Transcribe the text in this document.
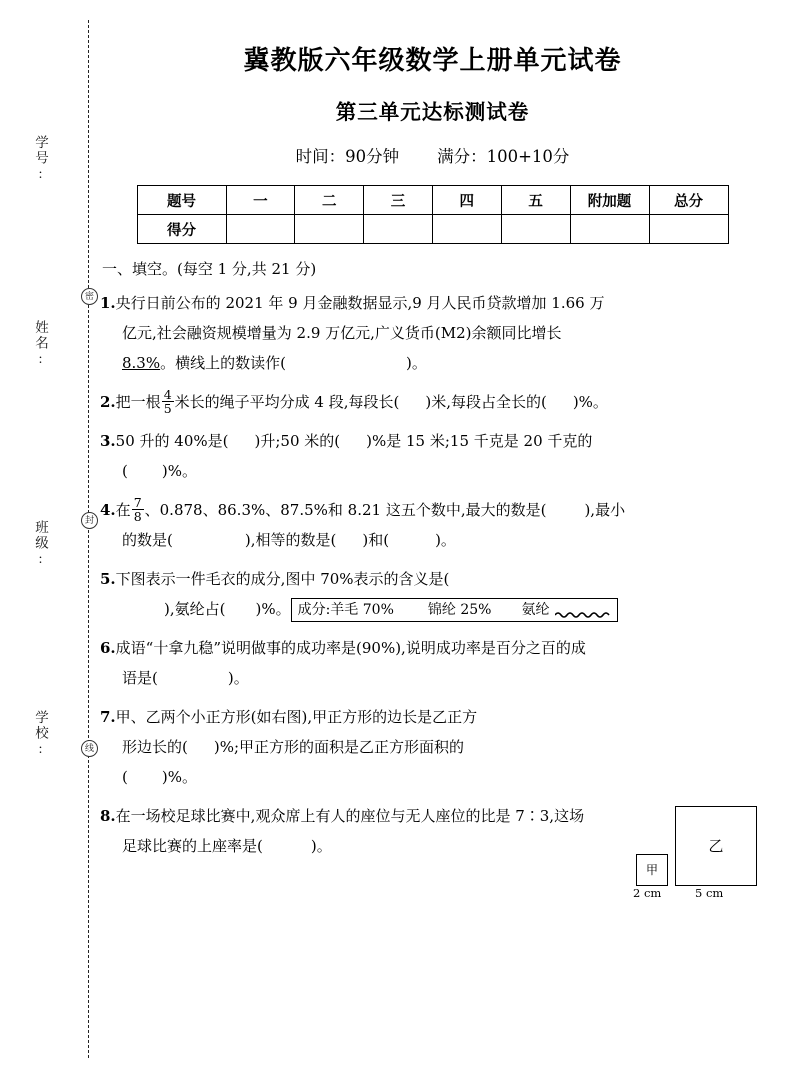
学号:
姓名:
班级:
学校:
密
封
线
冀教版六年级数学上册单元试卷
第三单元达标测试卷
时间：90分钟 满分：100+10分
题号	一	二	三	四	五	附加题	总分
得分							
一、填空。(每空 1 分,共 21 分)
1.央行日前公布的 2021 年 9 月金融数据显示,9 月人民币贷款增加 1.66 万
亿元,社会融资规模增量为 2.9 万亿元,广义货币(M2)余额同比增长
8.3%。横线上的数读作(	)。
2.把一根 $\frac{4}{5}$ 米长的绳子平均分成 4 段,每段长( )米,每段占全长的( )%。
3.50 升的 40%是( )升;50 米的( )%是 15 米;15 千克是 20 千克的
( )%。
4.在 $\frac{7}{8}$ 、0.878、86.3%、87.5%和 8.21 这五个数中,最大的数是(	),最小
的数是(	),相等的数是( )和(	)。
5.下图表示一件毛衣的成分,图中 70%表示的含义是(
),氨纶占( )%。 成分:羊毛 70% 锦纶 25% 氨纶
6.成语“十拿九稳”说明做事的成功率是(90%),说明成功率是百分之百的成
语是(	)。
7.甲、乙两个小正方形(如右图),甲正方形的边长是乙正方
形边长的( )%;甲正方形的面积是乙正方形面积的
( )%。
8.在一场校足球比赛中,观众席上有人的座位与无人座位的比是 7∶3,这场
足球比赛的上座率是(	)。	乙
甲
2 cm	5 cm
